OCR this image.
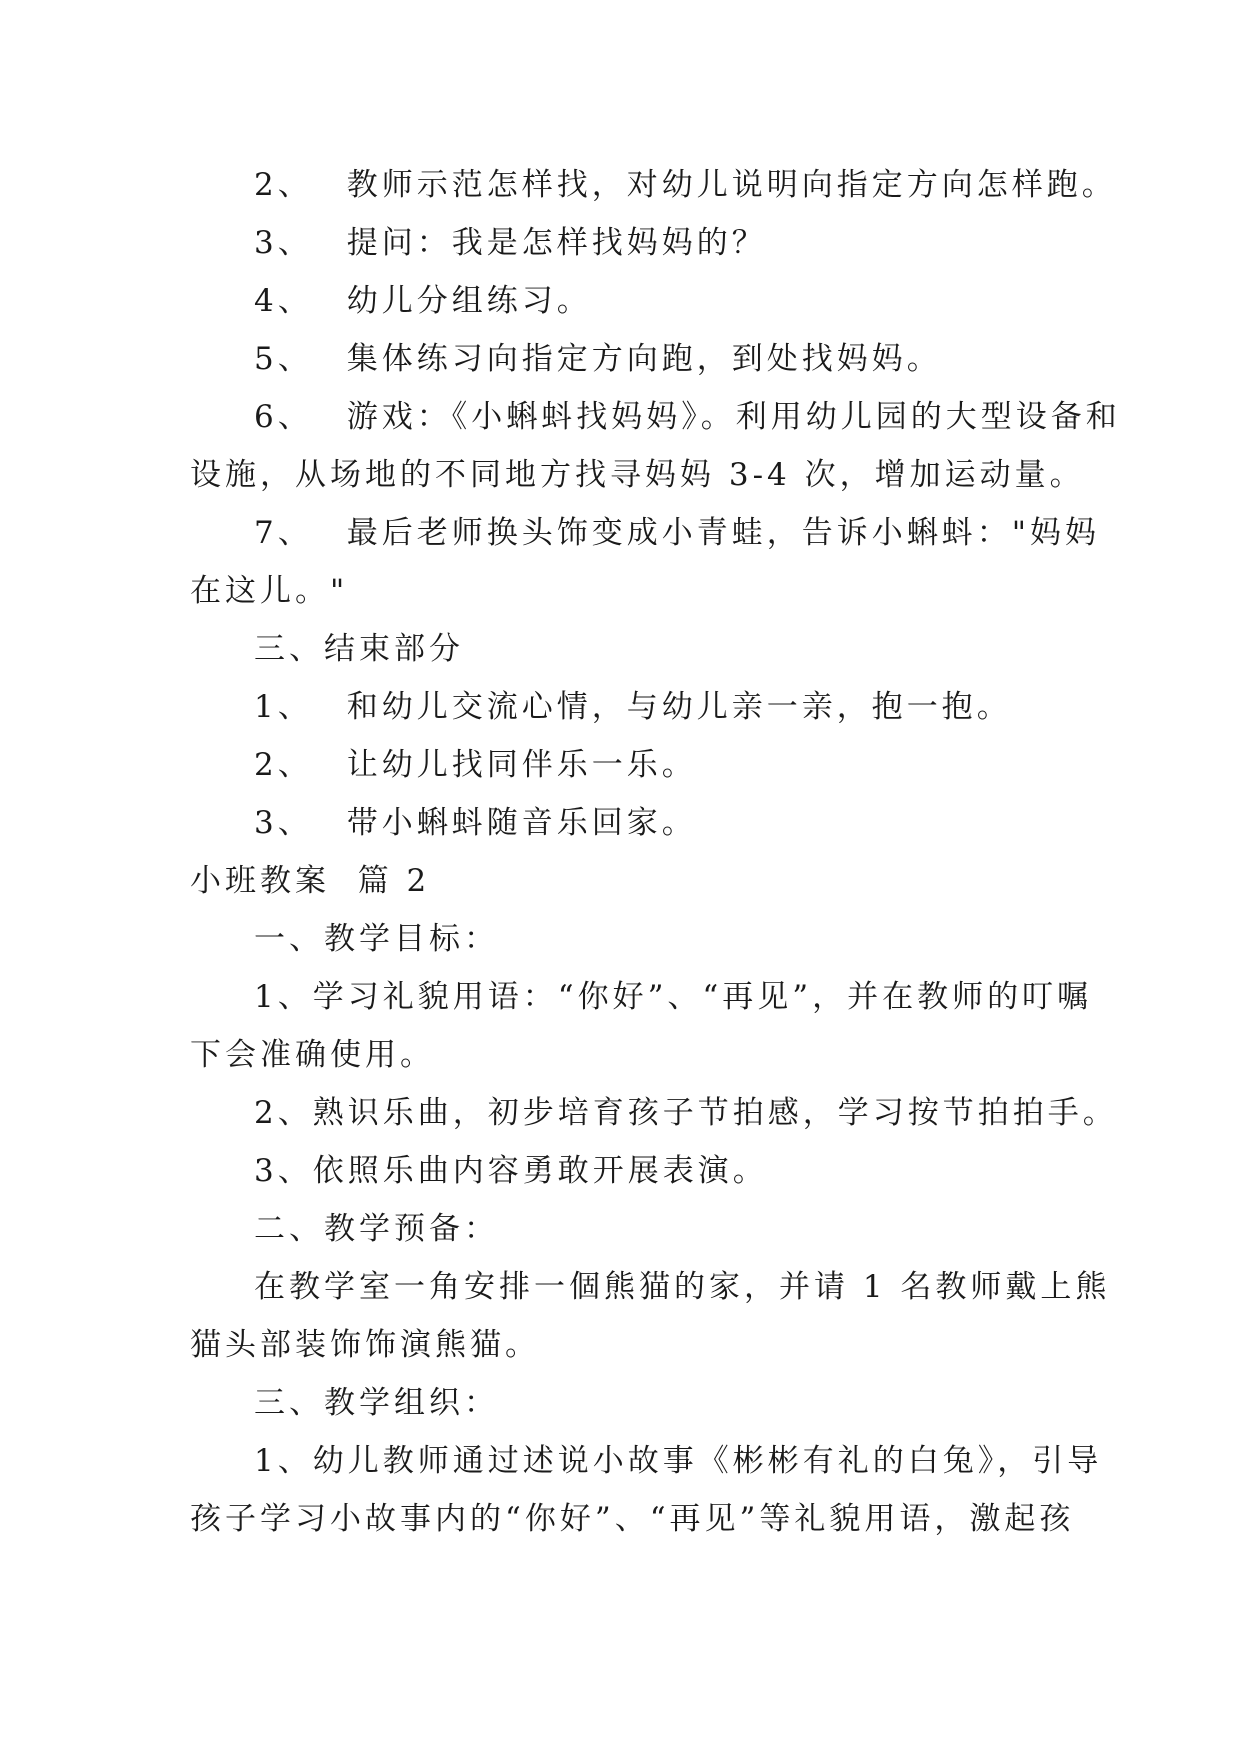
2、 教师示范怎样找，对幼儿说明向指定方向怎样跑。
3、 提问：我是怎样找妈妈的？
4、 幼儿分组练习。
5、 集体练习向指定方向跑，到处找妈妈。
6、 游戏：《小蝌蚪找妈妈》。利用幼儿园的大型设备和
设施，从场地的不同地方找寻妈妈 3-4 次，增加运动量。
7、 最后老师换头饰变成小青蛙，告诉小蝌蚪："妈妈
在这儿。"
三、结束部分
1、 和幼儿交流心情，与幼儿亲一亲，抱一抱。
2、 让幼儿找同伴乐一乐。
3、 带小蝌蚪随音乐回家。
小班教案  篇 2
一、教学目标：
1、学习礼貌用语：“你好”、“再见”，并在教师的叮嘱
下会准确使用。
2、熟识乐曲，初步培育孩子节拍感，学习按节拍拍手。
3、依照乐曲内容勇敢开展表演。
二、教学预备：
在教学室一角安排一個熊猫的家，并请 1 名教师戴上熊
猫头部装饰饰演熊猫。
三、教学组织：
1、幼儿教师通过述说小故事《彬彬有礼的白兔》，引导
孩子学习小故事内的“你好”、“再见”等礼貌用语，激起孩
